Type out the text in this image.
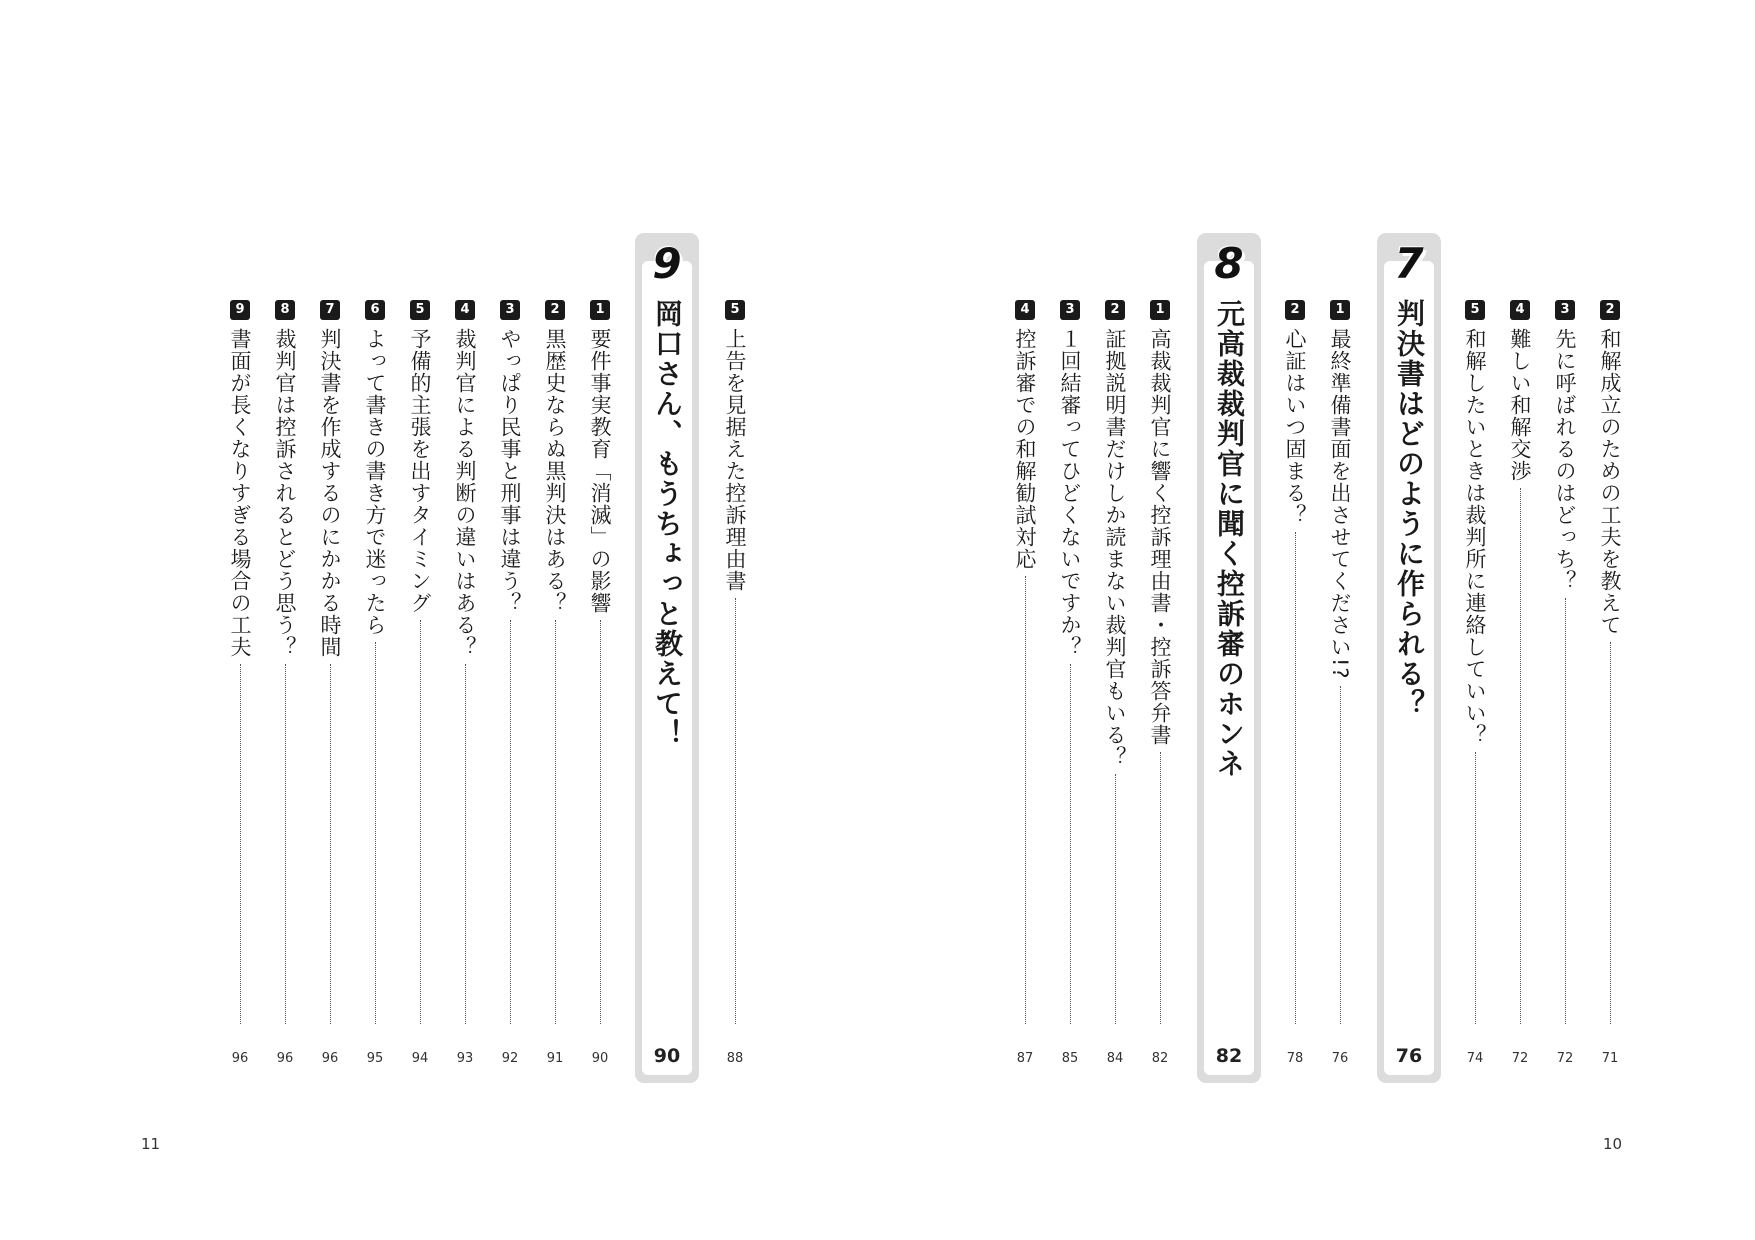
11	10
2
和解成立のための工夫を教えて
71
3
先に呼ばれるのはどっち？
72
4
難しい和解交渉
72
5
和解したいときは裁判所に連絡していい？
74
7
判決書はどのように作られる？
76
1
最終準備書面を出させてください!?
76
2
心証はいつ固まる？
78
8
元高裁裁判官に聞く控訴審のホンネ
82
1
高裁裁判官に響く控訴理由書・控訴答弁書
82
2
証拠説明書だけしか読まない裁判官もいる？
84
3
１回結審ってひどくないですか？
85
4
控訴審での和解勧試対応
87
5
上告を見据えた控訴理由書
88
9
岡口さん、もうちょっと教えて！
90
1
要件事実教育「消滅」の影響
90
2
黒歴史ならぬ黒判決はある？
91
3
やっぱり民事と刑事は違う？
92
4
裁判官による判断の違いはある？
93
5
予備的主張を出すタイミング
94
6
よって書きの書き方で迷ったら
95
7
判決書を作成するのにかかる時間
96
8
裁判官は控訴されるとどう思う？
96
9
書面が長くなりすぎる場合の工夫
96
